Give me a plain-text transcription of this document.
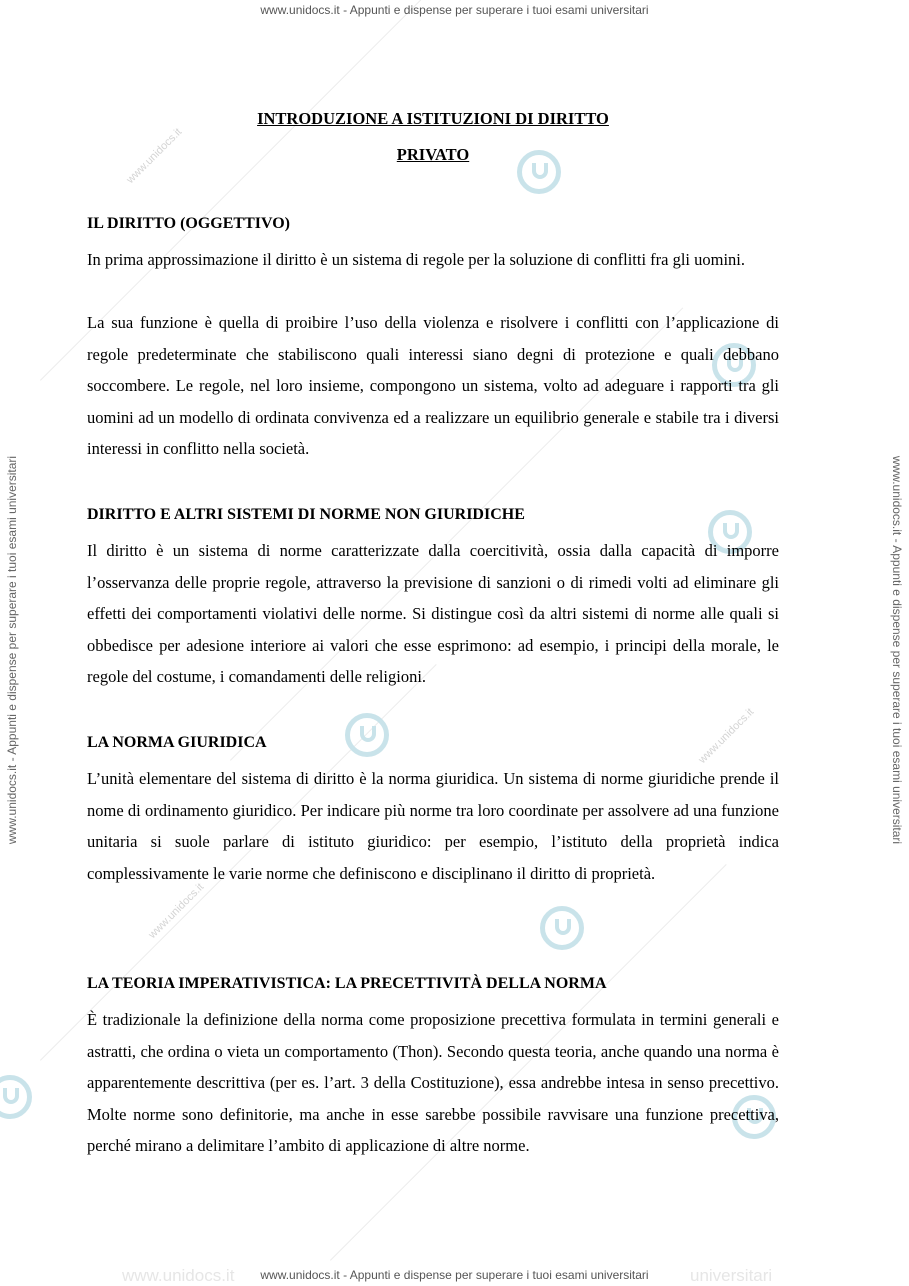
www.unidocs.it
www.unidocs.it
www.unidocs.it
www.unidocs.it	universitari
www.unidocs.it - Appunti e dispense per superare i tuoi esami universitari
www.unidocs.it - Appunti e dispense per superare i tuoi esami universitari
www.unidocs.it - Appunti e dispense per superare i tuoi esami universitari	www.unidocs.it - Appunti e dispense per superare i tuoi esami universitari
INTRODUZIONE A ISTITUZIONI DI DIRITTO
PRIVATO
IL DIRITTO (OGGETTIVO)

In prima approssimazione il diritto è un sistema di regole per la soluzione di conflitti fra gli uomini.

La sua funzione è quella di proibire l’uso della violenza e risolvere i conflitti con l’applicazione di regole predeterminate che stabiliscono quali interessi siano degni di protezione e quali debbano soccombere. Le regole, nel loro insieme, compongono un sistema, volto ad adeguare i rapporti tra gli uomini ad un modello di ordinata convivenza ed a realizzare un equilibrio generale e stabile tra i diversi interessi in conflitto nella società.

DIRITTO E ALTRI SISTEMI DI NORME NON GIURIDICHE

Il diritto è un sistema di norme caratterizzate dalla coercitività, ossia dalla capacità di imporre l’osservanza delle proprie regole, attraverso la previsione di sanzioni o di rimedi volti ad eliminare gli effetti dei comportamenti violativi delle norme. Si distingue così da altri sistemi di norme alle quali si obbedisce per adesione interiore ai valori che esse esprimono: ad esempio, i principi della morale, le regole del costume, i comandamenti delle religioni.

LA NORMA GIURIDICA

L’unità elementare del sistema di diritto è la norma giuridica. Un sistema di norme giuridiche prende il nome di ordinamento giuridico. Per indicare più norme tra loro coordinate per assolvere ad una funzione unitaria si suole parlare di istituto giuridico: per esempio, l’istituto della proprietà indica complessivamente le varie norme che definiscono e disciplinano il diritto di proprietà.

LA TEORIA IMPERATIVISTICA: LA PRECETTIVITÀ DELLA NORMA

È tradizionale la definizione della norma come proposizione precettiva formulata in termini generali e astratti, che ordina o vieta un comportamento (Thon). Secondo questa teoria, anche quando una norma è apparentemente descrittiva (per es. l’art. 3 della Costituzione), essa andrebbe intesa in senso precettivo. Molte norme sono definitorie, ma anche in esse sarebbe possibile ravvisare una funzione precettiva, perché mirano a delimitare l’ambito di applicazione di altre norme.
